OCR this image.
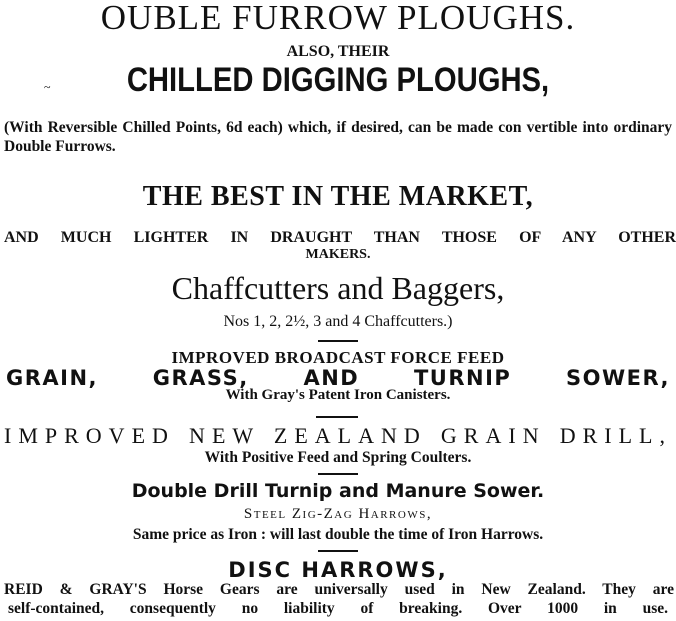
OUBLE FURROW PLOUGHS.
ALSO, THEIR
~	CHILLED DIGGING PLOUGHS,
(With Reversible Chilled Points, 6d each) which, if desired, can be made con vertible into ordinary Double Furrows.
THE BEST IN THE MARKET,
AND MUCH LIGHTER IN DRAUGHT THAN THOSE OF ANY OTHER
MAKERS.
Chaffcutters and Baggers,
Nos 1, 2, 2½, 3 and 4 Chaffcutters.)
IMPROVED BROADCAST FORCE FEED
GRAIN,	GRASS,	AND	TURNIP	SOWER,
With Gray's Patent Iron Canisters.
IMPROVED NEW ZEALAND GRAIN DRILL,
With Positive Feed and Spring Coulters.
Double Drill Turnip and Manure Sower.
Steel Zig-Zag Harrows,
Same price as Iron : will last double the time of Iron Harrows.
DISC HARROWS,
REID & GRAY'S Horse Gears are universally used in New Zealand. They are
self-contained, consequently no liability of breaking. Over 1000 in use.
